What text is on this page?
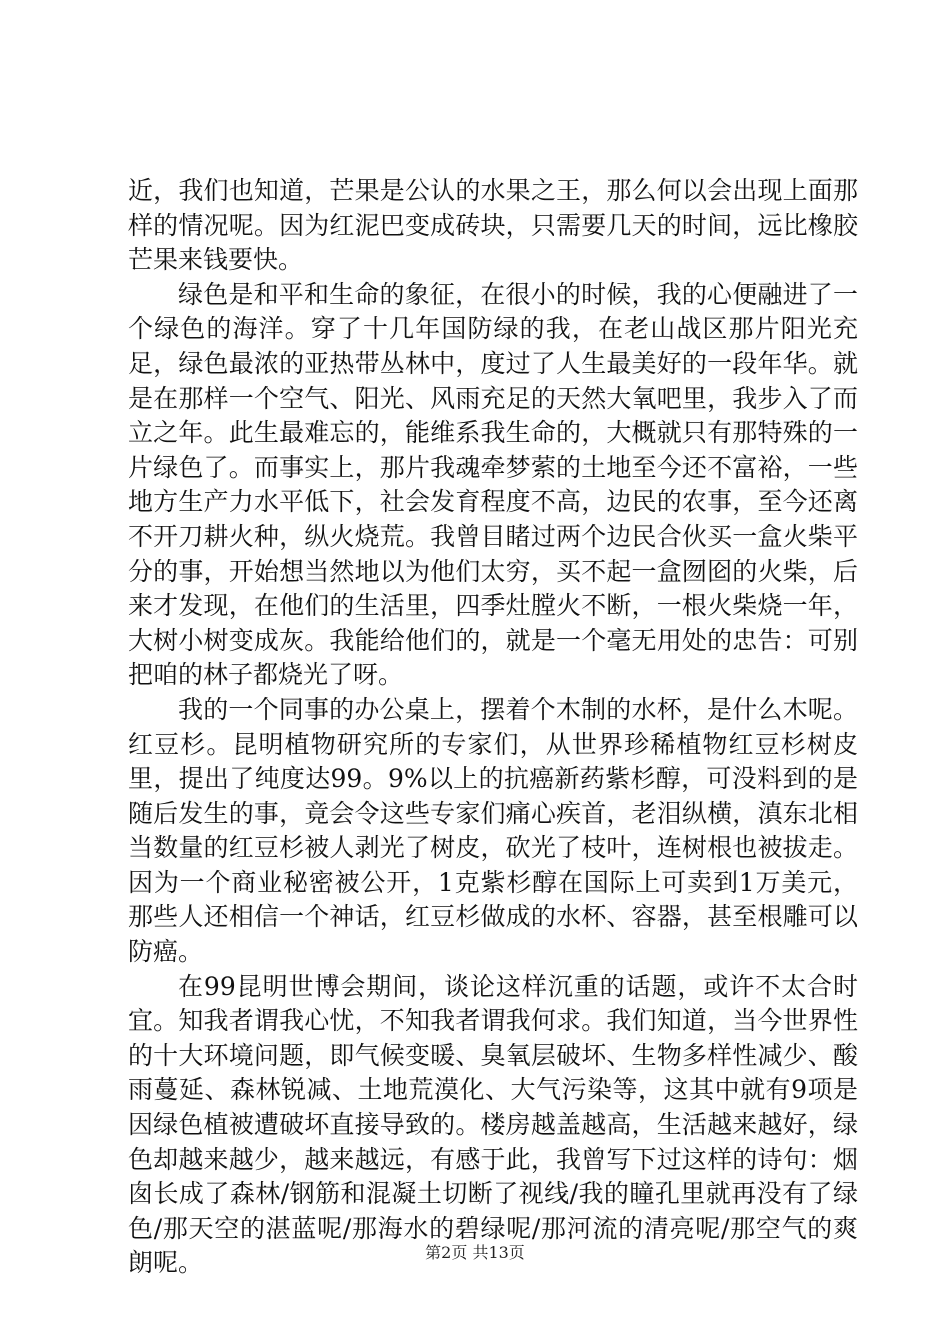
近，我们也知道，芒果是公认的水果之王，那么何以会出现上面那样的情况呢。因为红泥巴变成砖块，只需要几天的时间，远比橡胶芒果来钱要快。

绿色是和平和生命的象征，在很小的时候，我的心便融进了一个绿色的海洋。穿了十几年国防绿的我，在老山战区那片阳光充足，绿色最浓的亚热带丛林中，度过了人生最美好的一段年华。就是在那样一个空气、阳光、风雨充足的天然大氧吧里，我步入了而立之年。此生最难忘的，能维系我生命的，大概就只有那特殊的一片绿色了。而事实上，那片我魂牵梦萦的土地至今还不富裕，一些地方生产力水平低下，社会发育程度不高，边民的农事，至今还离不开刀耕火种，纵火烧荒。我曾目睹过两个边民合伙买一盒火柴平分的事，开始想当然地以为他们太穷，买不起一盒囫囵的火柴，后来才发现，在他们的生活里，四季灶膛火不断，一根火柴烧一年，大树小树变成灰。我能给他们的，就是一个毫无用处的忠告：可别把咱的林子都烧光了呀。

我的一个同事的办公桌上，摆着个木制的水杯，是什么木呢。红豆杉。昆明植物研究所的专家们，从世界珍稀植物红豆杉树皮里，提出了纯度达99。9%以上的抗癌新药紫杉醇，可没料到的是随后发生的事，竟会令这些专家们痛心疾首，老泪纵横，滇东北相当数量的红豆杉被人剥光了树皮，砍光了枝叶，连树根也被拔走。因为一个商业秘密被公开，1克紫杉醇在国际上可卖到1万美元，那些人还相信一个神话，红豆杉做成的水杯、容器，甚至根雕可以防癌。

在99昆明世博会期间，谈论这样沉重的话题，或许不太合时宜。知我者谓我心忧，不知我者谓我何求。我们知道，当今世界性的十大环境问题，即气候变暖、臭氧层破坏、生物多样性减少、酸雨蔓延、森林锐减、土地荒漠化、大气污染等，这其中就有9项是因绿色植被遭破坏直接导致的。楼房越盖越高，生活越来越好，绿色却越来越少，越来越远，有感于此，我曾写下过这样的诗句：烟囱长成了森林/钢筋和混凝土切断了视线/我的瞳孔里就再没有了绿色/那天空的湛蓝呢/那海水的碧绿呢/那河流的清亮呢/那空气的爽朗呢。	第2页 共13页
